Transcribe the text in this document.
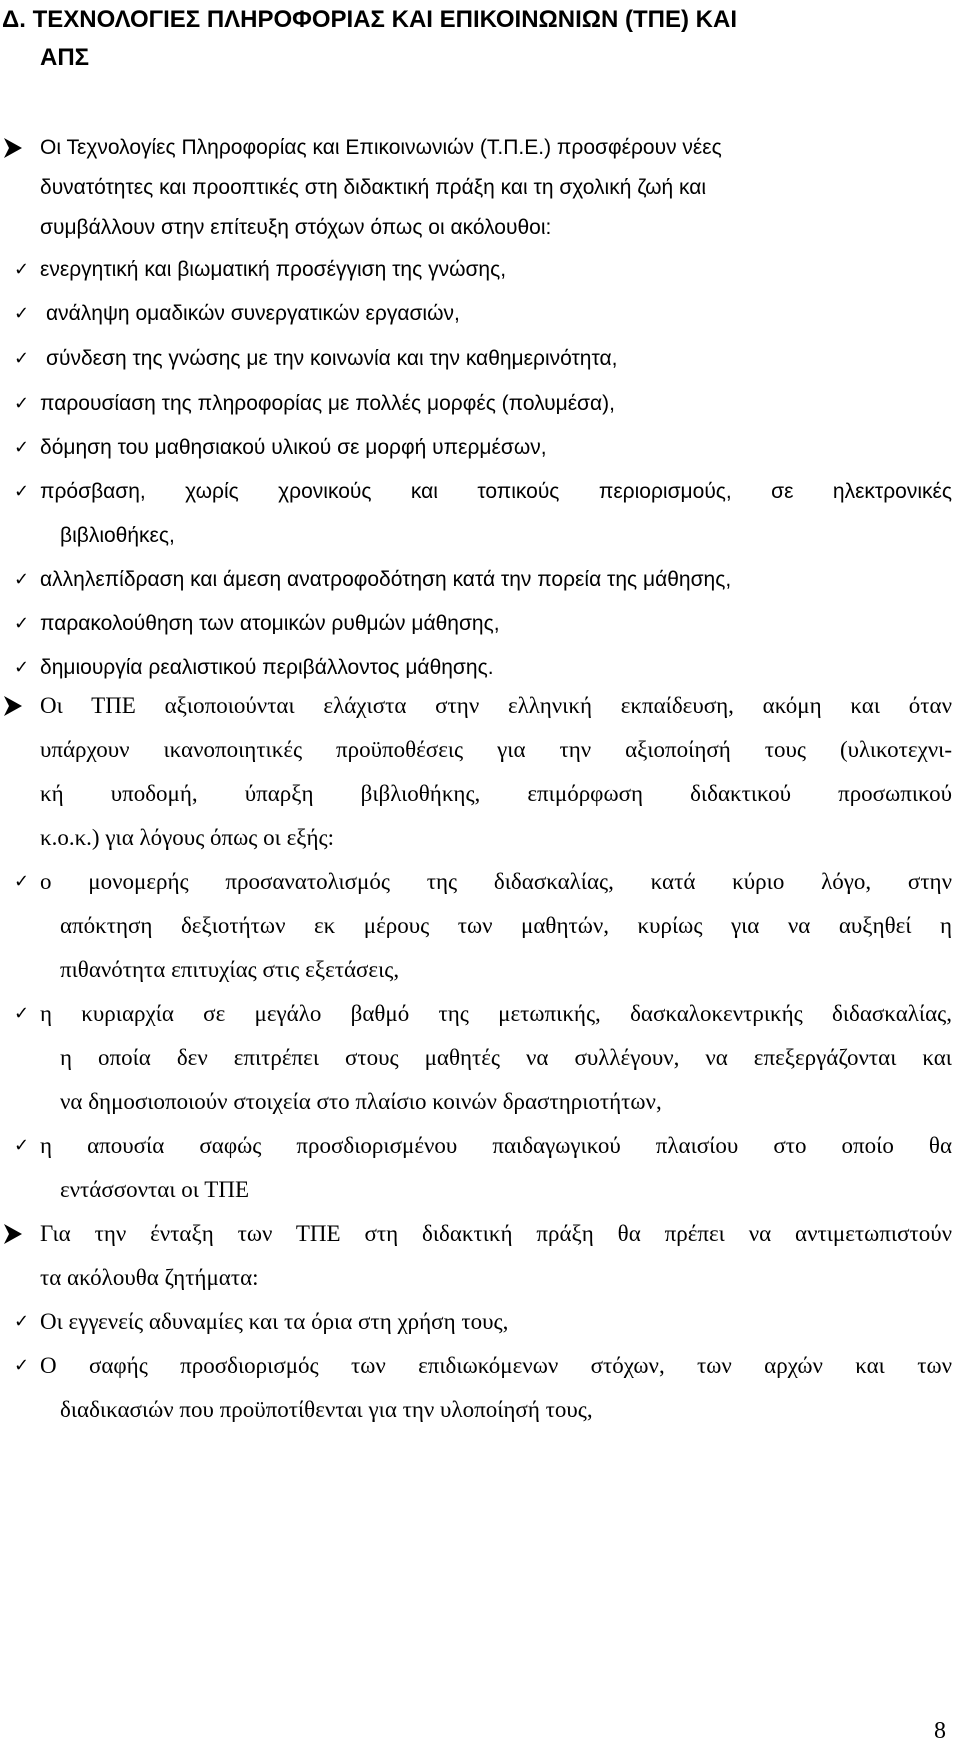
Δ. ΤΕΧΝΟΛΟΓΙΕΣ ΠΛΗΡΟΦΟΡΙΑΣ ΚΑΙ ΕΠΙΚΟΙΝΩΝΙΩΝ (ΤΠΕ) ΚΑΙ
ΑΠΣ
Οι Τεχνολογίες Πληροφορίας και Επικοινωνιών (Τ.Π.Ε.) προσφέρουν νέες
δυνατότητες και προοπτικές στη διδακτική πράξη και τη σχολική ζωή και
συμβάλλουν στην επίτευξη στόχων όπως οι ακόλουθοι:
✓ ενεργητική και βιωματική προσέγγιση της γνώσης,
✓ ανάληψη ομαδικών συνεργατικών εργασιών,
✓ σύνδεση της γνώσης με την κοινωνία και την καθημερινότητα,
✓ παρουσίαση της πληροφορίας με πολλές μορφές (πολυμέσα),
✓ δόμηση του μαθησιακού υλικού σε μορφή υπερμέσων,
✓ πρόσβαση, χωρίς χρονικούς και τοπικούς περιορισμούς, σε ηλεκτρονικές
βιβλιοθήκες,
✓ αλληλεπίδραση και άμεση ανατροφοδότηση κατά την πορεία της μάθησης,
✓ παρακολούθηση των ατομικών ρυθμών μάθησης,
✓ δημιουργία ρεαλιστικού περιβάλλοντος μάθησης.
Οι ΤΠΕ αξιοποιούνται ελάχιστα στην ελληνική εκπαίδευση, ακόμη και όταν
υπάρχουν ικανοποιητικές προϋποθέσεις για την αξιοποίησή τους (υλικοτεχνι-
κή υποδομή, ύπαρξη βιβλιοθήκης, επιμόρφωση διδακτικού προσωπικού
κ.ο.κ.) για λόγους όπως οι εξής:
✓ ο μονομερής προσανατολισμός της διδασκαλίας, κατά κύριο λόγο, στην
απόκτηση δεξιοτήτων εκ μέρους των μαθητών, κυρίως για να αυξηθεί η
πιθανότητα επιτυχίας στις εξετάσεις,
✓ η κυριαρχία σε μεγάλο βαθμό της μετωπικής, δασκαλοκεντρικής διδασκαλίας,
η οποία δεν επιτρέπει στους μαθητές να συλλέγουν, να επεξεργάζονται και
να δημοσιοποιούν στοιχεία στο πλαίσιο κοινών δραστηριοτήτων,
✓ η απουσία σαφώς προσδιορισμένου παιδαγωγικού πλαισίου στο οποίο θα
εντάσσονται οι ΤΠΕ
Για την ένταξη των ΤΠΕ στη διδακτική πράξη θα πρέπει να αντιμετωπιστούν
τα ακόλουθα ζητήματα:
✓ Οι εγγενείς αδυναμίες και τα όρια στη χρήση τους,
✓ Ο σαφής προσδιορισμός των επιδιωκόμενων στόχων, των αρχών και των
διαδικασιών που προϋποτίθενται για την υλοποίησή τους,
8
